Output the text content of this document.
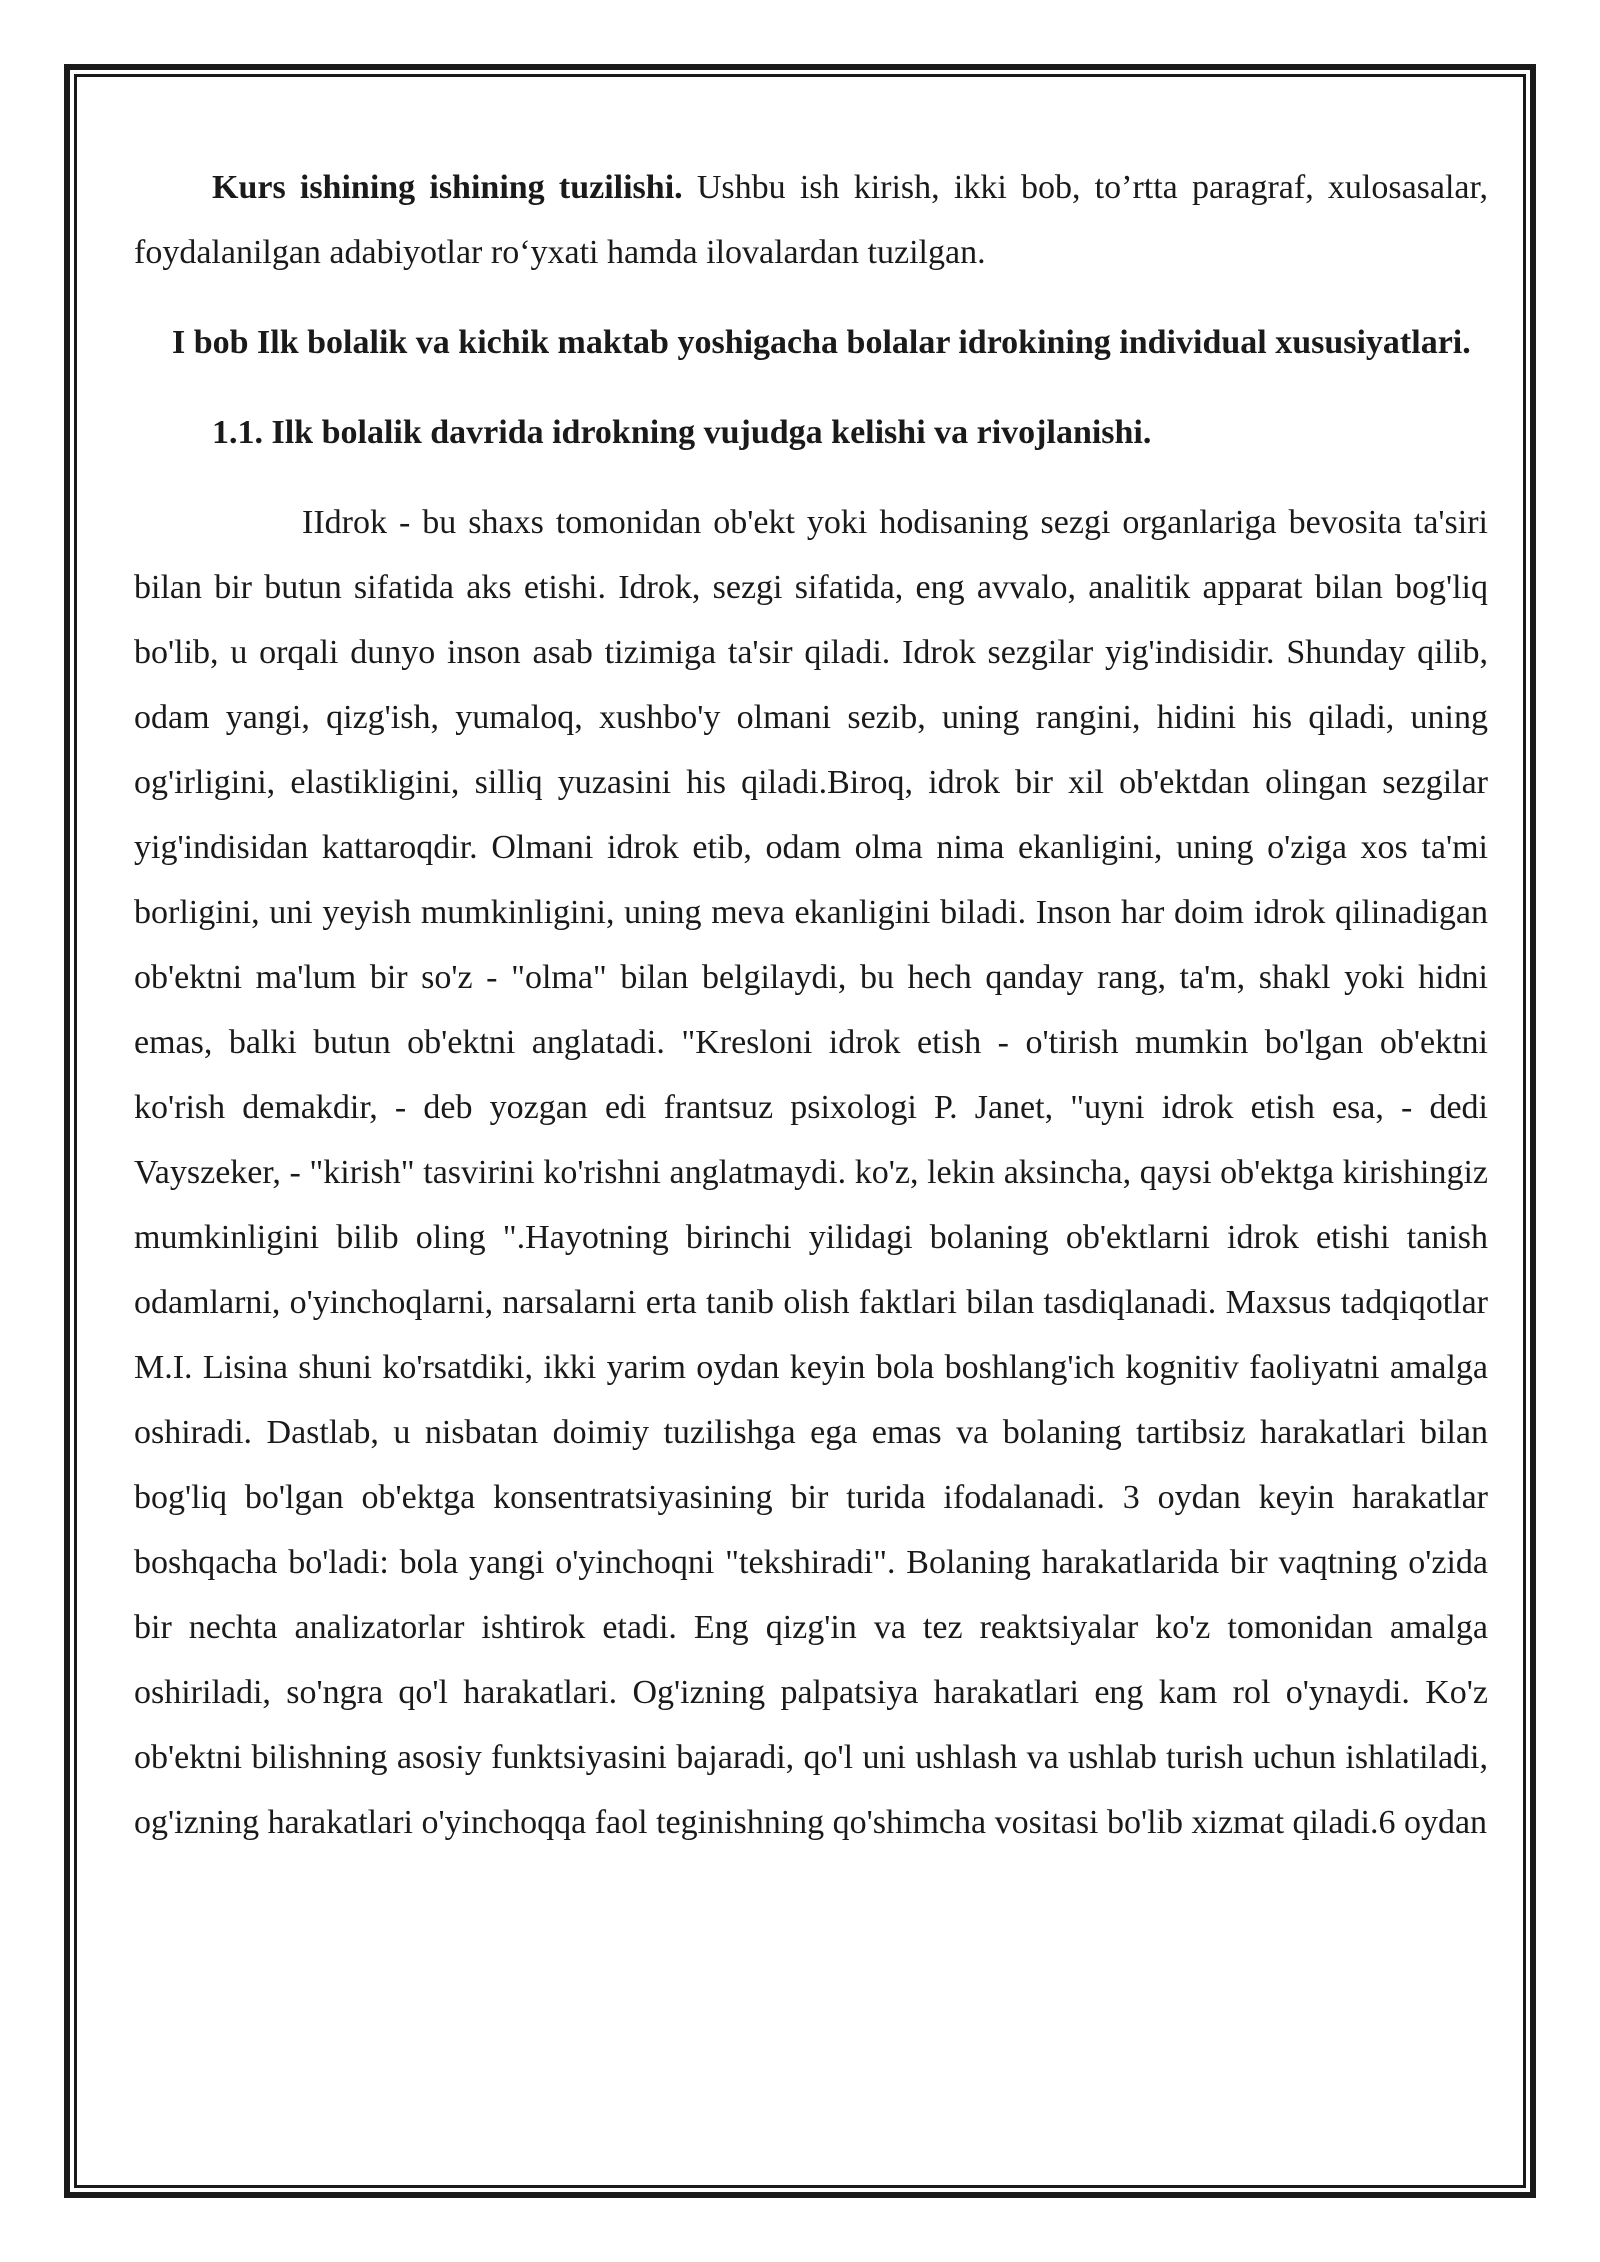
Kurs ishining ishining tuzilishi. Ushbu ish kirish, ikki bob, to’rtta paragraf, xulosasalar, foydalanilgan adabiyotlar ro‘yxati hamda ilovalardan tuzilgan.

I bob Ilk bolalik va kichik maktab yoshigacha bolalar idrokining individual xususiyatlari.

1.1. Ilk bolalik davrida idrokning vujudga kelishi va rivojlanishi.

IIdrok - bu shaxs tomonidan ob'ekt yoki hodisaning sezgi organlariga bevosita ta'siri bilan bir butun sifatida aks etishi. Idrok, sezgi sifatida, eng avvalo, analitik apparat bilan bog'liq bo'lib, u orqali dunyo inson asab tizimiga ta'sir qiladi. Idrok sezgilar yig'indisidir. Shunday qilib, odam yangi, qizg'ish, yumaloq, xushbo'y olmani sezib, uning rangini, hidini his qiladi, uning og'irligini, elastikligini, silliq yuzasini his qiladi.Biroq, idrok bir xil ob'ektdan olingan sezgilar yig'indisidan kattaroqdir. Olmani idrok etib, odam olma nima ekanligini, uning o'ziga xos ta'mi borligini, uni yeyish mumkinligini, uning meva ekanligini biladi. Inson har doim idrok qilinadigan ob'ektni ma'lum bir so'z - "olma" bilan belgilaydi, bu hech qanday rang, ta'm, shakl yoki hidni emas, balki butun ob'ektni anglatadi. "Kresloni idrok etish - o'tirish mumkin bo'lgan ob'ektni ko'rish demakdir, - deb yozgan edi frantsuz psixologi P. Janet, "uyni idrok etish esa, - dedi Vayszeker, - "kirish" tasvirini ko'rishni anglatmaydi. ko'z, lekin aksincha, qaysi ob'ektga kirishingiz mumkinligini bilib oling ".Hayotning birinchi yilidagi bolaning ob'ektlarni idrok etishi tanish odamlarni, o'yinchoqlarni, narsalarni erta tanib olish faktlari bilan tasdiqlanadi. Maxsus tadqiqotlar M.I. Lisina shuni ko'rsatdiki, ikki yarim oydan keyin bola boshlang'ich kognitiv faoliyatni amalga oshiradi. Dastlab, u nisbatan doimiy tuzilishga ega emas va bolaning tartibsiz harakatlari bilan bog'liq bo'lgan ob'ektga konsentratsiyasining bir turida ifodalanadi. 3 oydan keyin harakatlar boshqacha bo'ladi: bola yangi o'yinchoqni "tekshiradi". Bolaning harakatlarida bir vaqtning o'zida bir nechta analizatorlar ishtirok etadi. Eng qizg'in va tez reaktsiyalar ko'z tomonidan amalga oshiriladi, so'ngra qo'l harakatlari. Og'izning palpatsiya harakatlari eng kam rol o'ynaydi. Ko'z ob'ektni bilishning asosiy funktsiyasini bajaradi, qo'l uni ushlash va ushlab turish uchun ishlatiladi, og'izning harakatlari o'yinchoqqa faol teginishning qo'shimcha vositasi bo'lib xizmat qiladi.6 oydan
